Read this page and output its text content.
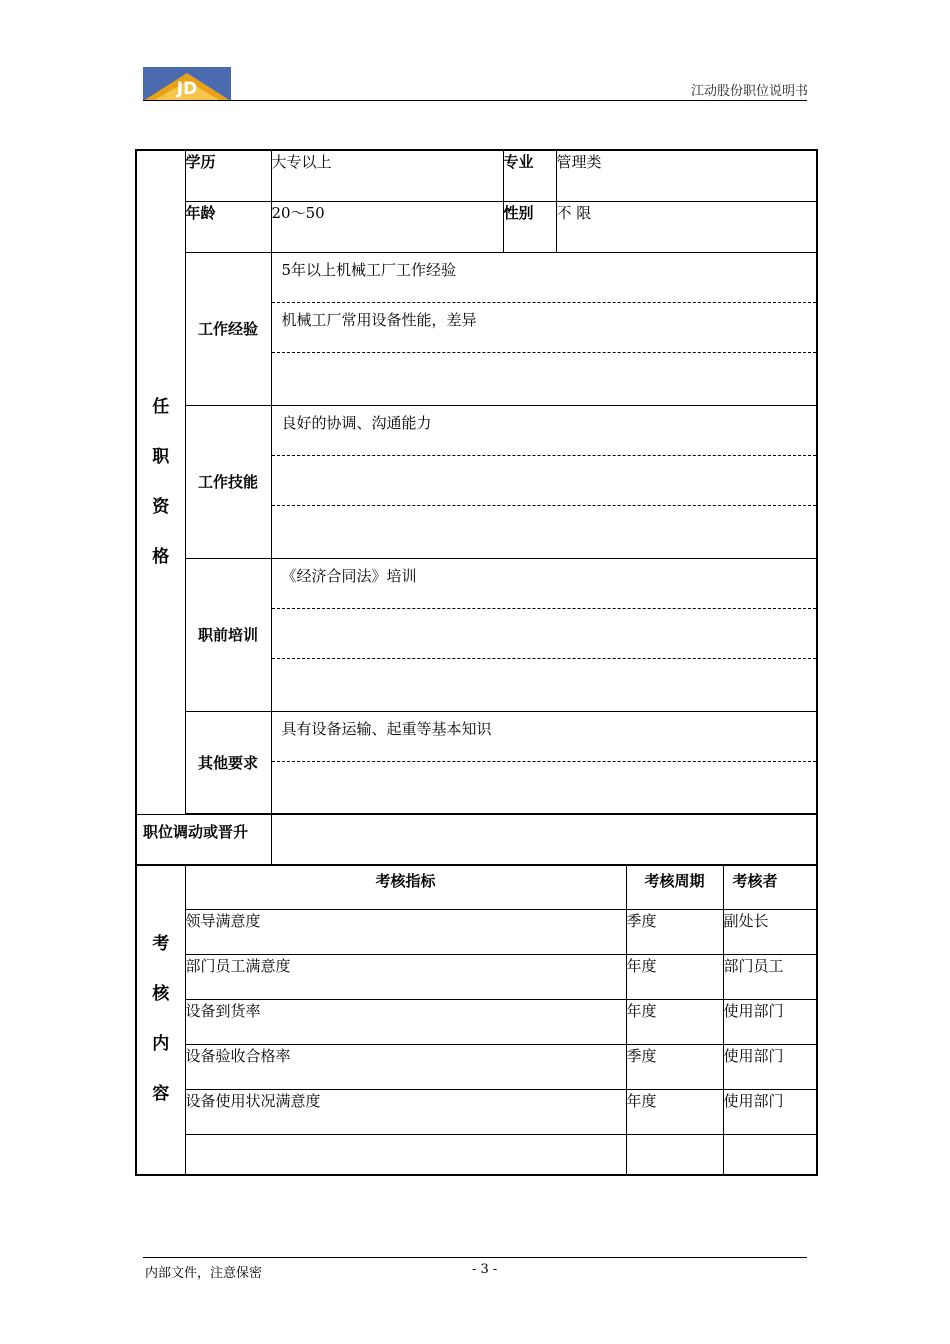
JD	江动股份职位说明书
任
职
资
格	学历	大专以上	专业	管理类
	年龄	20～50	性别	不 限
	工作经验	5年以上机械工厂工作经验
机械工厂常用设备性能，差异		

	工作技能	良好的协调、沟通能力		

	职前培训	《经济合同法》培训		

	其他要求	具有设备运输、起重等基本知识		

职位调动或晋升				
考
核
内
容	考核指标	考核周期	考核者
	领导满意度	季度	副处长
	部门员工满意度	年度	部门员工
	设备到货率	年度	使用部门
	设备验收合格率	季度	使用部门
	设备使用状况满意度	年度	使用部门

内部文件，注意保密	- 3 -
